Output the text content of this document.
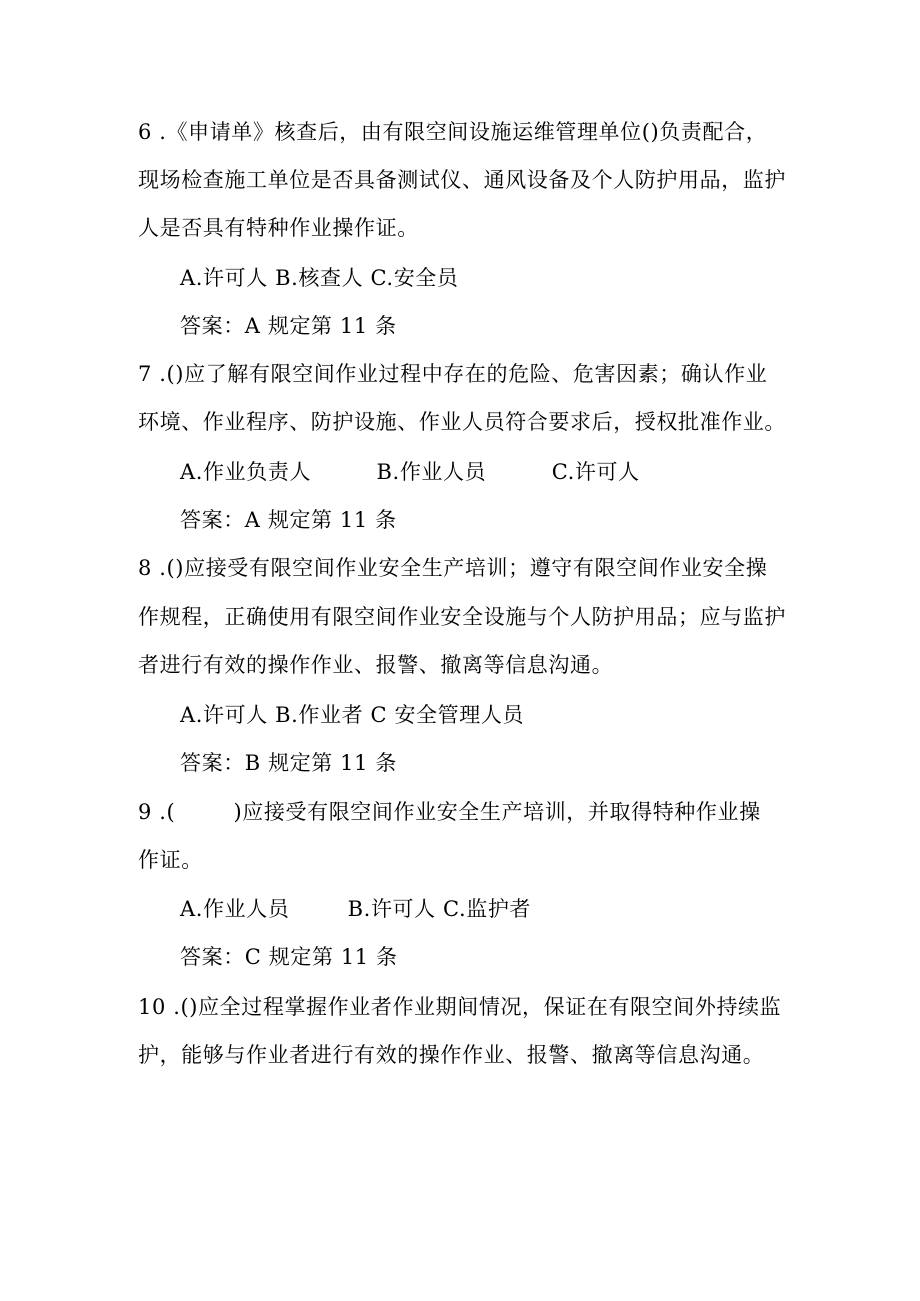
6 .《申请单》核查后，由有限空间设施运维管理单位()负责配合，
现场检查施工单位是否具备测试仪、通风设备及个人防护用品，监护
人是否具有特种作业操作证。
A.许可人 B.核查人 C.安全员
答案：A 规定第 11 条
7 .()应了解有限空间作业过程中存在的危险、危害因素；确认作业
环境、作业程序、防护设施、作业人员符合要求后，授权批准作业。
A.作业负责人         B.作业人员         C.许可人
答案：A 规定第 11 条
8 .()应接受有限空间作业安全生产培训；遵守有限空间作业安全操
作规程，正确使用有限空间作业安全设施与个人防护用品；应与监护
者进行有效的操作作业、报警、撤离等信息沟通。
A.许可人 B.作业者 C 安全管理人员
答案：B 规定第 11 条
9 .(        )应接受有限空间作业安全生产培训，并取得特种作业操
作证。
A.作业人员        B.许可人 C.监护者
答案：C 规定第 11 条
10 .()应全过程掌握作业者作业期间情况，保证在有限空间外持续监
护，能够与作业者进行有效的操作作业、报警、撤离等信息沟通。
